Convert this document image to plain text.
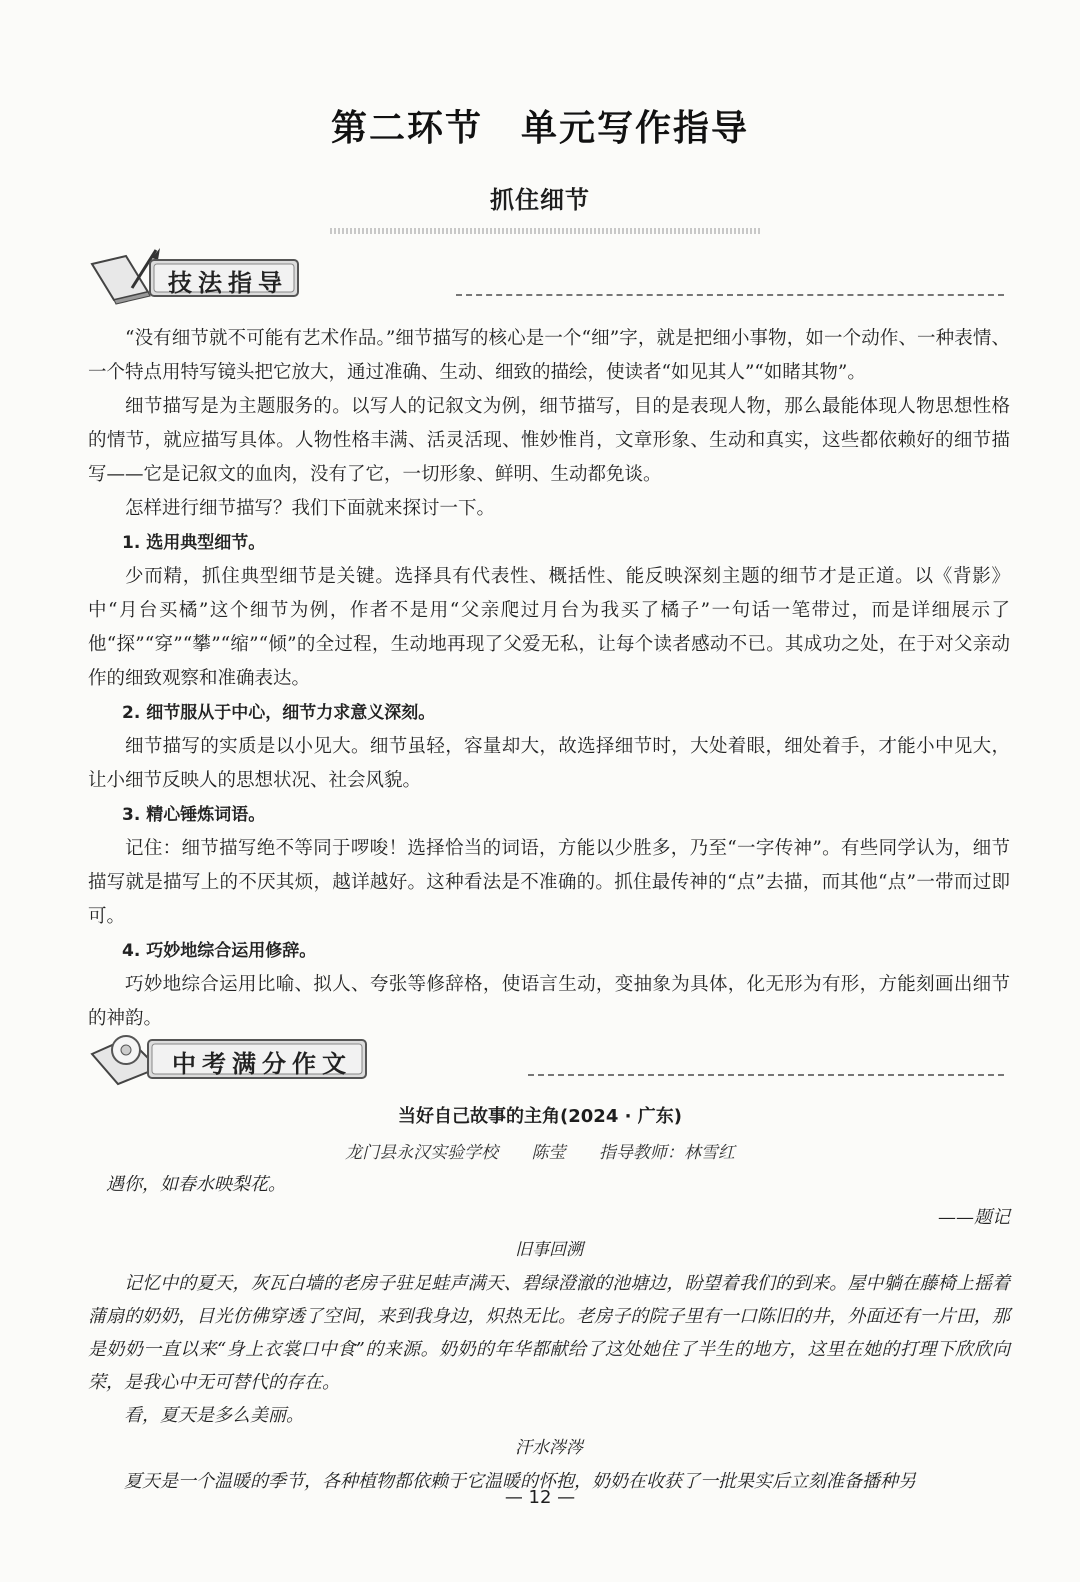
第二环节　单元写作指导
抓住细节
技法指导

“没有细节就不可能有艺术作品。”细节描写的核心是一个“细”字，就是把细小事物，如一个动作、一种表情、一个特点用特写镜头把它放大，通过准确、生动、细致的描绘，使读者“如见其人”“如睹其物”。

细节描写是为主题服务的。以写人的记叙文为例，细节描写，目的是表现人物，那么最能体现人物思想性格的情节，就应描写具体。人物性格丰满、活灵活现、惟妙惟肖，文章形象、生动和真实，这些都依赖好的细节描写——它是记叙文的血肉，没有了它，一切形象、鲜明、生动都免谈。

怎样进行细节描写？我们下面就来探讨一下。

1. 选用典型细节。

少而精，抓住典型细节是关键。选择具有代表性、概括性、能反映深刻主题的细节才是正道。以《背影》中“月台买橘”这个细节为例，作者不是用“父亲爬过月台为我买了橘子”一句话一笔带过，而是详细展示了他“探”“穿”“攀”“缩”“倾”的全过程，生动地再现了父爱无私，让每个读者感动不已。其成功之处，在于对父亲动作的细致观察和准确表达。

2. 细节服从于中心，细节力求意义深刻。

细节描写的实质是以小见大。细节虽轻，容量却大，故选择细节时，大处着眼，细处着手，才能小中见大，让小细节反映人的思想状况、社会风貌。

3. 精心锤炼词语。

记住：细节描写绝不等同于啰唆！选择恰当的词语，方能以少胜多，乃至“一字传神”。有些同学认为，细节描写就是描写上的不厌其烦，越详越好。这种看法是不准确的。抓住最传神的“点”去描，而其他“点”一带而过即可。

4. 巧妙地综合运用修辞。

巧妙地综合运用比喻、拟人、夸张等修辞格，使语言生动，变抽象为具体，化无形为有形，方能刻画出细节的神韵。

中考满分作文
当好自己故事的主角(2024 · 广东)
龙门县永汉实验学校 陈莹 指导教师：林雪红

遇你，如春水映梨花。

——题记

旧事回溯

记忆中的夏天，灰瓦白墙的老房子驻足蛙声满天、碧绿澄澈的池塘边，盼望着我们的到来。屋中躺在藤椅上摇着蒲扇的奶奶，目光仿佛穿透了空间，来到我身边，炽热无比。老房子的院子里有一口陈旧的井，外面还有一片田，那是奶奶一直以来“身上衣裳口中食”的来源。奶奶的年华都献给了这处她住了半生的地方，这里在她的打理下欣欣向荣，是我心中无可替代的存在。

看，夏天是多么美丽。

汗水涔涔

夏天是一个温暖的季节，各种植物都依赖于它温暖的怀抱，奶奶在收获了一批果实后立刻准备播种另

— 12 —
